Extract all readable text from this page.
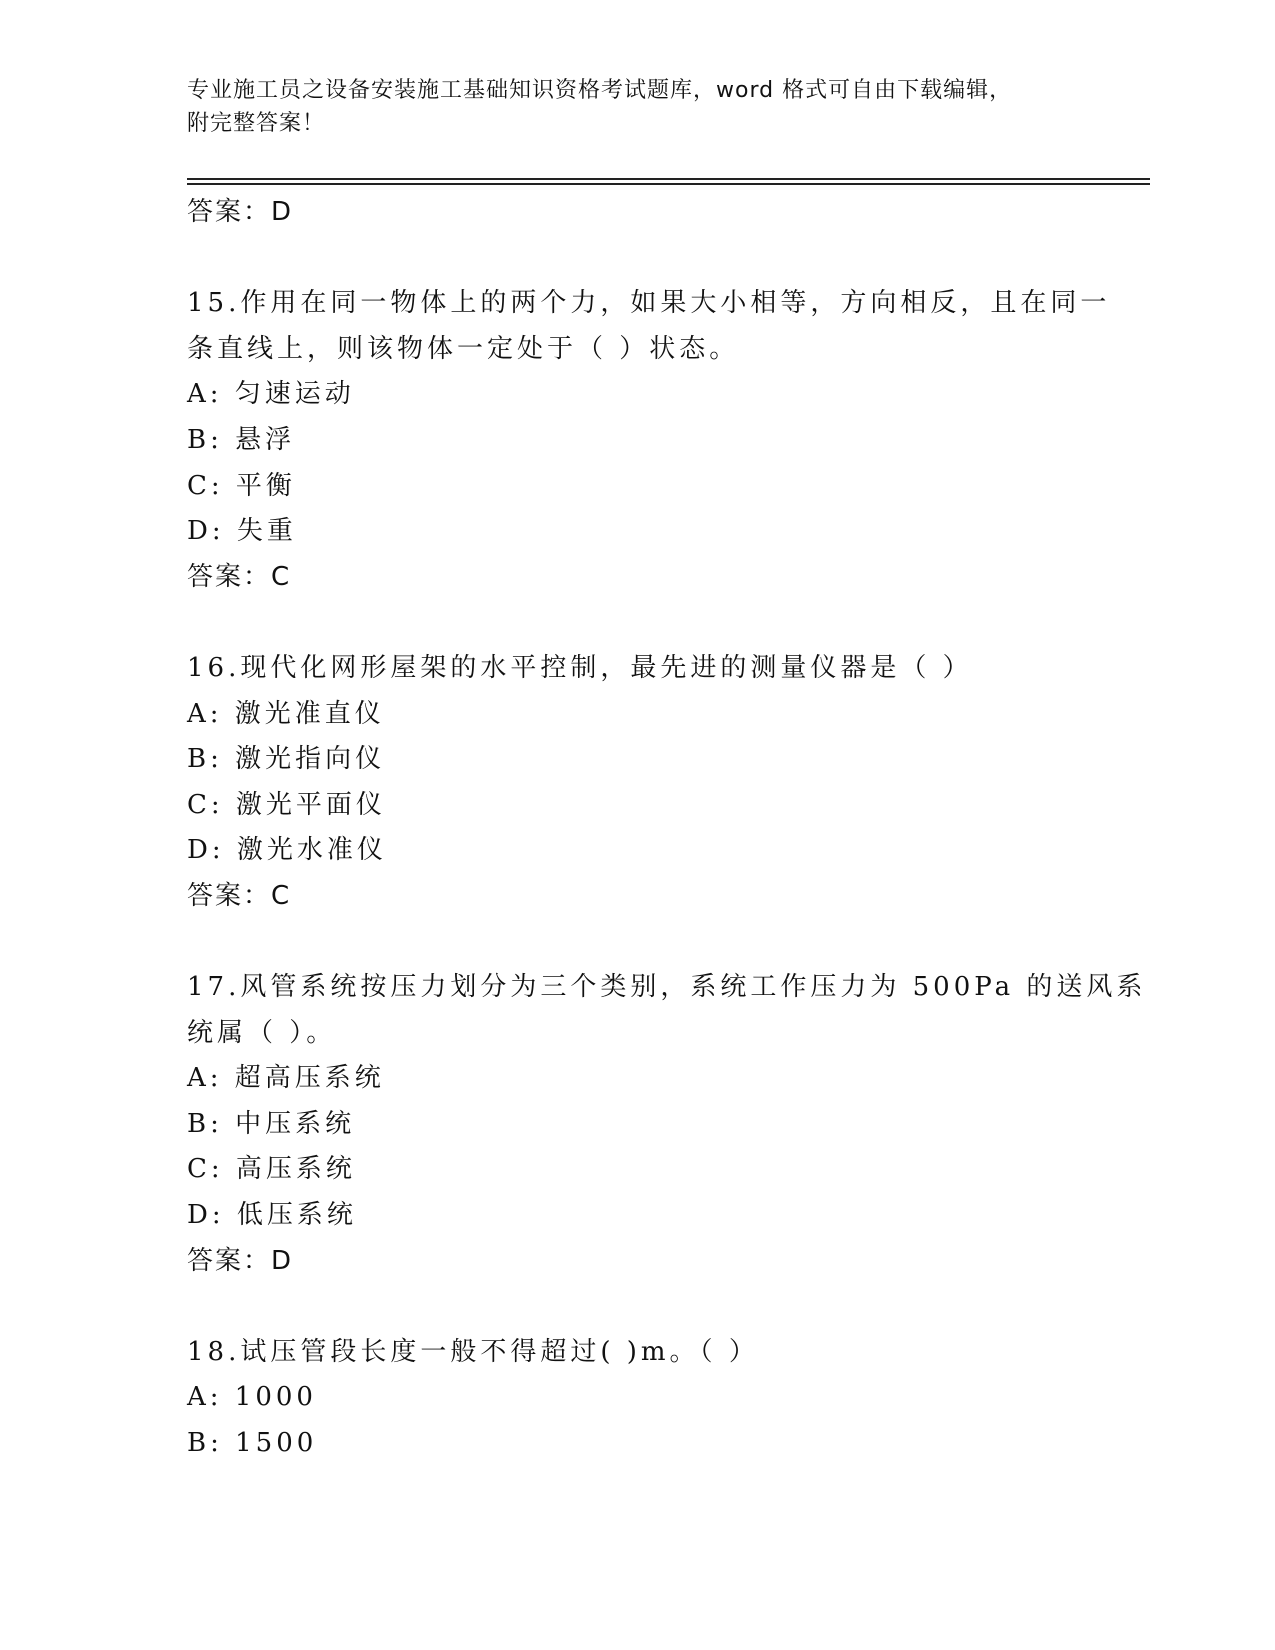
专业施工员之设备安装施工基础知识资格考试题库，word 格式可自由下载编辑，
附完整答案！
答案：D
15.作用在同一物体上的两个力，如果大小相等，方向相反，且在同一
条直线上，则该物体一定处于（ ）状态。
A: 匀速运动
B: 悬浮
C: 平衡
D: 失重
答案：C
16.现代化网形屋架的水平控制，最先进的测量仪器是（ ）
A: 激光准直仪
B: 激光指向仪
C: 激光平面仪
D: 激光水准仪
答案：C
17.风管系统按压力划分为三个类别，系统工作压力为 500Pa 的送风系
统属（ ）。
A: 超高压系统
B: 中压系统
C: 高压系统
D: 低压系统
答案：D
18.试压管段长度一般不得超过( )m。（ ）
A: 1000
B: 1500
